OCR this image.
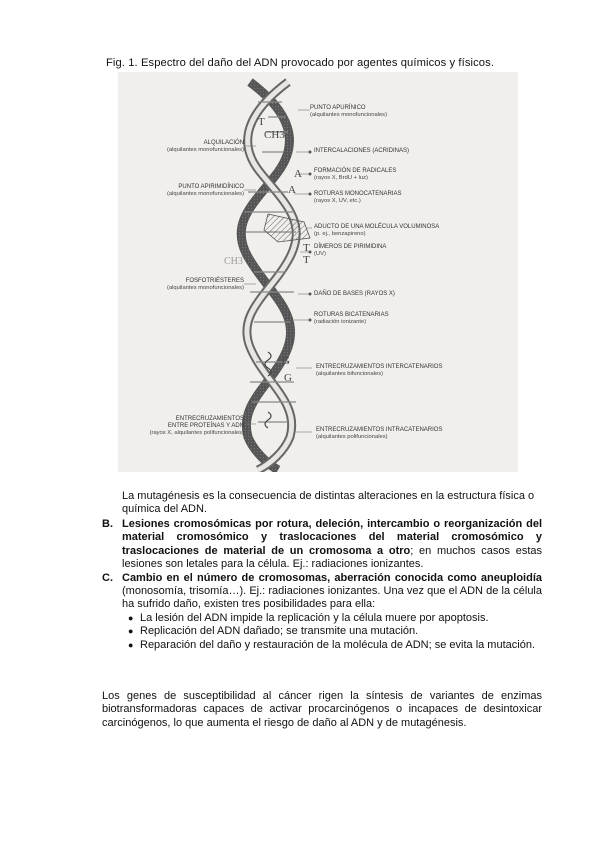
Fig. 1. Espectro del daño del ADN provocado por agentes químicos y físicos.
PUNTO APURÍNICO
(alquilantes monofuncionales)
INTERCALACIONES (ACRIDINAS)
FORMACIÓN DE RADICALES
(rayos X, BrdU + luz)
ROTURAS MONOCATENARIAS
(rayos X, UV, etc.)
ADUCTO DE UNA MOLÉCULA VOLUMINOSA
(p. ej., benzapireno)
DÍMEROS DE PIRIMIDINA
(UV)
DAÑO DE BASES (RAYOS X)
ROTURAS BICATENARIAS
(radiación ionizante)
ENTRECRUZAMIENTOS INTERCATENARIOS
(alquilantes bifuncionales)
ENTRECRUZAMIENTOS INTRACATENARIOS
(alquilantes polifuncionales)
ALQUILACIÓN
(alquilantes monofuncionales)
PUNTO APIRIMIDÍNICO
(alquilantes monofuncionales)
FOSFOTRIÉSTERES
(alquilantes monofuncionales)
ENTRECRUZAMIENTOS
ENTRE PROTEÍNAS Y ADN
(rayos X, alquilantes polifuncionales)
T
CH3
A
A
T
T
CH3
G
G
La mutagénesis es la consecuencia de distintas alteraciones en la estructura física o química del ADN.
B. Lesiones cromosómicas por rotura, deleción, intercambio o reorganización del material cromosómico y traslocaciones del material cromosómico y traslocaciones de material de un cromosoma a otro; en muchos casos estas lesiones son letales para la célula. Ej.: radiaciones ionizantes.
C. Cambio en el número de cromosomas, aberración conocida como aneuploidía (monosomía, trisomía…). Ej.: radiaciones ionizantes. Una vez que el ADN de la célula ha sufrido daño, existen tres posibilidades para ella:
● La lesión del ADN impide la replicación y la célula muere por apoptosis.
● Replicación del ADN dañado; se transmite una mutación.
● Reparación del daño y restauración de la molécula de ADN; se evita la mutación.
Los genes de susceptibilidad al cáncer rigen la síntesis de variantes de enzimas biotransformadoras capaces de activar procarcinógenos o incapaces de desintoxicar carcinógenos, lo que aumenta el riesgo de daño al ADN y de mutagénesis.
